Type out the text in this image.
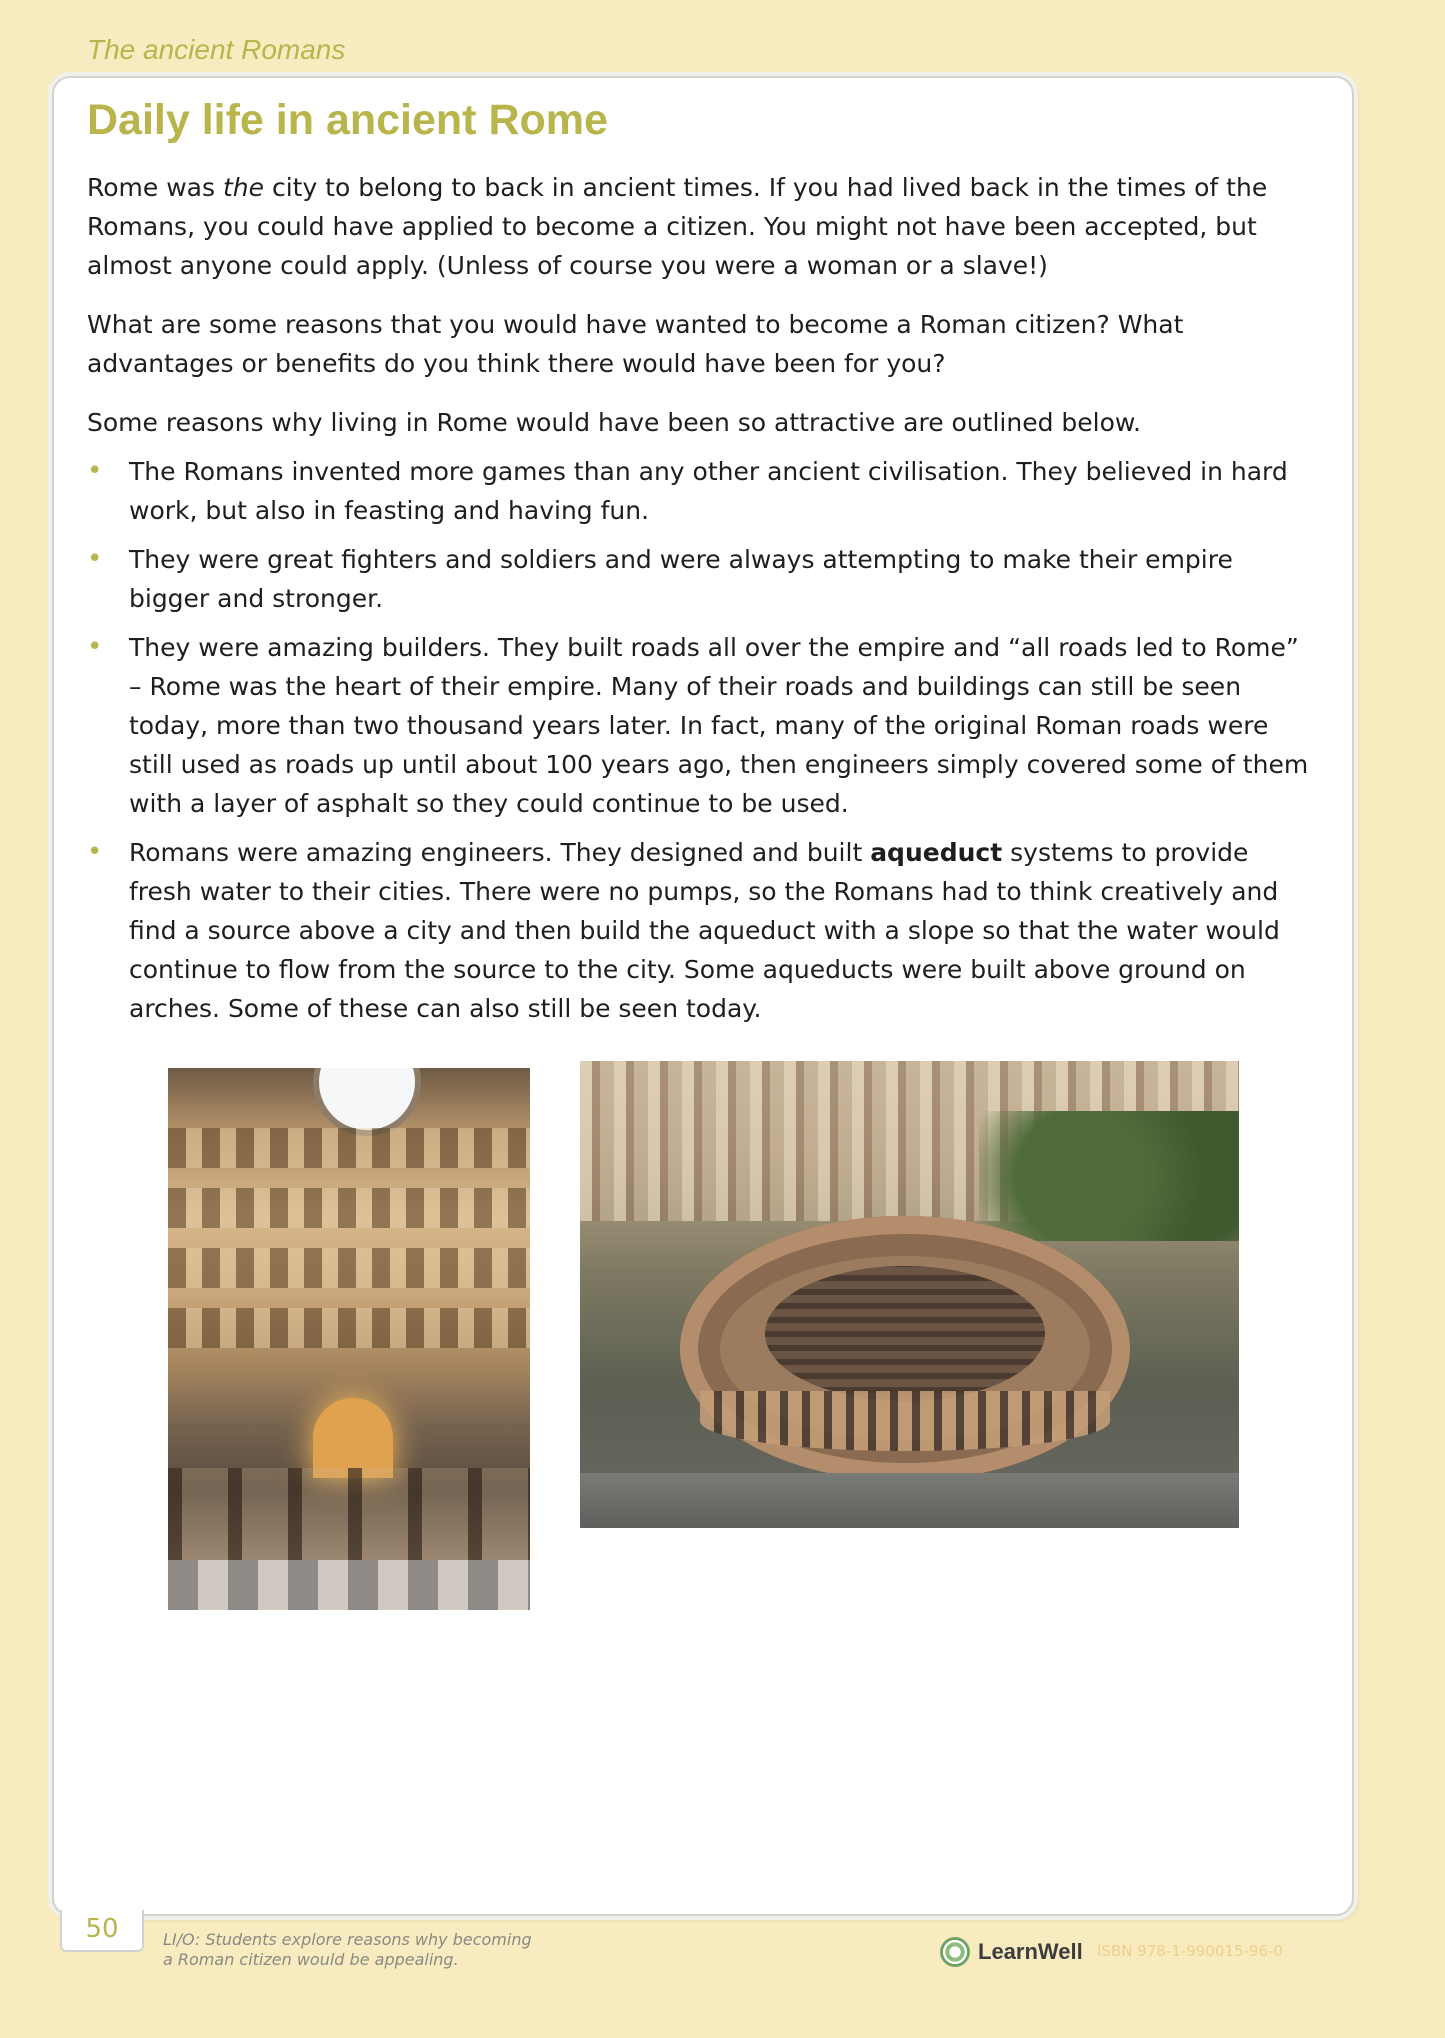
The ancient Romans
Daily life in ancient Rome

Rome was the city to belong to back in ancient times. If you had lived back in the times of the Romans, you could have applied to become a citizen. You might not have been accepted, but almost anyone could apply. (Unless of course you were a woman or a slave!)

What are some reasons that you would have wanted to become a Roman citizen? What advantages or benefits do you think there would have been for you?

Some reasons why living in Rome would have been so attractive are outlined below.

• The Romans invented more games than any other ancient civilisation. They believed in hard work, but also in feasting and having fun.
• They were great fighters and soldiers and were always attempting to make their empire bigger and stronger.
• They were amazing builders. They built roads all over the empire and “all roads led to Rome” – Rome was the heart of their empire. Many of their roads and buildings can still be seen today, more than two thousand years later. In fact, many of the original Roman roads were still used as roads up until about 100 years ago, then engineers simply covered some of them with a layer of asphalt so they could continue to be used.
• Romans were amazing engineers. They designed and built aqueduct systems to provide fresh water to their cities. There were no pumps, so the Romans had to think creatively and find a source above a city and then build the aqueduct with a slope so that the water would continue to flow from the source to the city. Some aqueducts were built above ground on arches. Some of these can also still be seen today.
50	LI/O: Students explore reasons why becoming
a Roman citizen would be appealing.	LearnWell ISBN 978-1-990015-96-0
